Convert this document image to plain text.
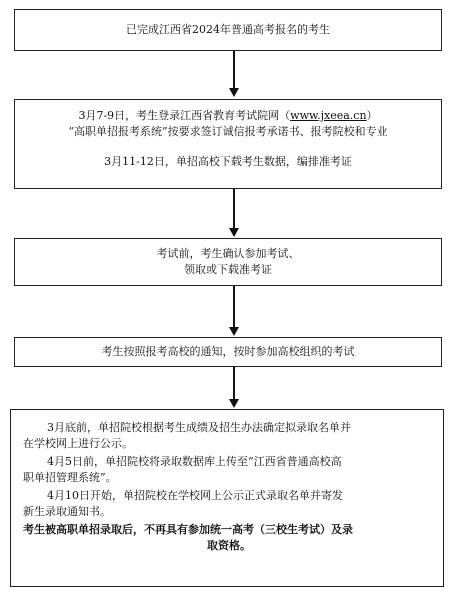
已完成江西省2024年普通高考报名的考生
3月7-9日，考生登录江西省教育考试院网（www.jxeea.cn）
“高职单招报考系统”按要求签订诚信报考承诺书、报考院校和专业
3月11-12日，单招高校下载考生数据，编排准考证
考试前，考生确认参加考试、
领取或下载准考证
考生按照报考高校的通知，按时参加高校组织的考试
3月底前，单招院校根据考生成绩及招生办法确定拟录取名单并
在学校网上进行公示。
4月5日前，单招院校将录取数据库上传至“江西省普通高校高
职单招管理系统”。
4月10日开始，单招院校在学校网上公示正式录取名单并寄发
新生录取通知书。
考生被高职单招录取后，不再具有参加统一高考（三校生考试）及录
取资格。
